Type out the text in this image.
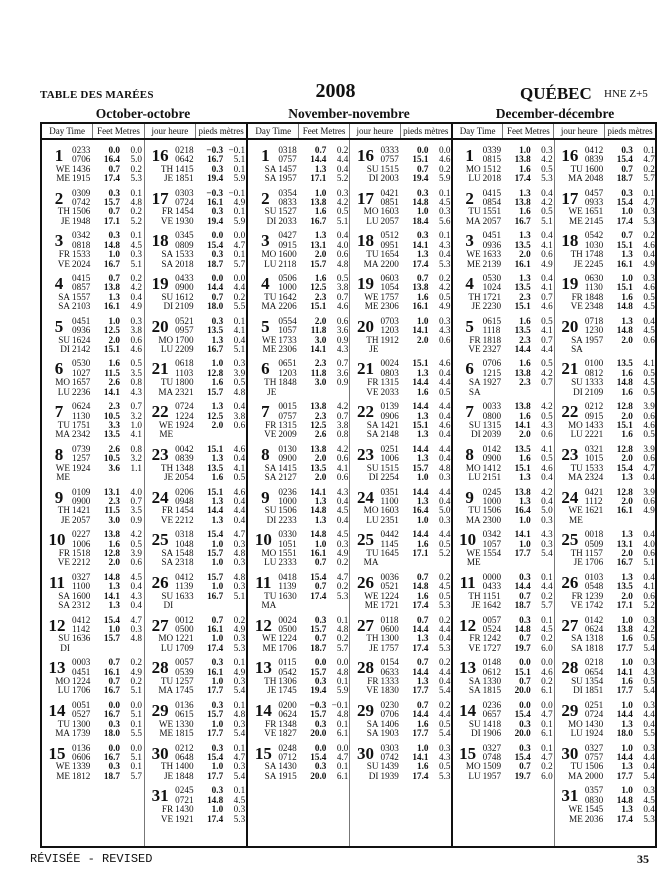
TABLE DES MARÉES	2008	QUÉBEC HNE Z+5
October-octobre	November-novembre	December-décembre
Day Time	Feet Metres	jour heure	pieds mètres
1
WE
ME
0233	0.0	0.0
0706	16.4	5.0
1436	0.7	0.2
1915	17.4	5.3
2
TH
JE
0309	0.3	0.1
0742	15.7	4.8
1506	0.7	0.2
1948	17.1	5.2
3
FR
VE
0342	0.3	0.1
0818	14.8	4.5
1533	1.0	0.3
2024	16.7	5.1
4
SA
SA
0415	0.7	0.2
0857	13.8	4.2
1557	1.3	0.4
2103	16.1	4.9
5
SU
DI
0451	1.0	0.3
0936	12.5	3.8
1624	2.0	0.6
2142	15.1	4.6
6
MO
LU
0530	1.6	0.5
1027	11.5	3.5
1657	2.6	0.8
2236	14.1	4.3
7
TU
MA
0624	2.3	0.7
1130	10.5	3.2
1751	3.3	1.0
2342	13.5	4.1
8
WE
ME
0739	2.6	0.8
1257	10.5	3.2
1924	3.6	1.1
9
TH
JE
0109	13.1	4.0
0900	2.3	0.7
1421	11.5	3.5
2057	3.0	0.9
10
FR
VE
0227	13.8	4.2
1006	1.6	0.5
1518	12.8	3.9
2212	2.0	0.6
11
SA
SA
0327	14.8	4.5
1100	1.3	0.4
1600	14.1	4.3
2312	1.3	0.4
12
SU
DI
0412	15.4	4.7
1142	1.0	0.3
1636	15.7	4.8
13
MO
LU
0003	0.7	0.2
0451	16.1	4.9
1224	0.7	0.2
1706	16.7	5.1
14
TU
MA
0051	0.0	0.0
0527	16.7	5.1
1300	0.3	0.1
1739	18.0	5.5
15
WE
ME
0136	0.0	0.0
0606	16.7	5.1
1339	0.3	0.1
1812	18.7	5.7
16
TH
JE
0218	−0.3 −0.1
0642	16.7	5.1
1415	0.3	0.1
1851	19.4	5.9
17
FR
VE
0303	−0.3 −0.1
0724	16.1	4.9
1454	0.3	0.1
1930	19.4	5.9
18
SA
SA
0345	0.0	0.0
0809	15.4	4.7
1533	0.3	0.1
2018	18.7	5.7
19
SU
DI
0433	0.0	0.0
0900	14.4	4.4
1612	0.7	0.2
2109	18.0	5.5
20
MO
LU
0521	0.3	0.1
0957	13.5	4.1
1700	1.3	0.4
2209	16.7	5.1
21
TU
MA
0618	1.0	0.3
1103	12.8	3.9
1800	1.6	0.5
2321	15.7	4.8
22
WE
ME
0724	1.3	0.4
1224	12.5	3.8
1924	2.0	0.6
23
TH
JE
0042	15.1	4.6
0839	1.3	0.4
1348	13.5	4.1
2054	1.6	0.5
24
FR
VE
0206	15.1	4.6
0948	1.3	0.4
1454	14.4	4.4
2212	1.3	0.4
25
SA
SA
0318	15.4	4.7
1048	1.0	0.3
1548	15.7	4.8
2318	1.0	0.3
26
SU
DI
0412	15.7	4.8
1139	1.0	0.3
1633	16.7	5.1
27
MO
LU
0012	0.7	0.2
0500	16.1	4.9
1221	1.0	0.3
1709	17.4	5.3
28
TU
MA
0057	0.3	0.1
0539	16.1	4.9
1257	1.0	0.3
1745	17.7	5.4
29
WE
ME
0136	0.3	0.1
0615	15.7	4.8
1330	1.0	0.3
1815	17.7	5.4
30
TH
JE
0212	0.3	0.1
0648	15.4	4.7
1400	1.0	0.3
1848	17.7	5.4
31
FR
VE
0245	0.3	0.1
0721	14.8	4.5
1430	1.0	0.3
1921	17.4	5.3
Day Time	Feet Metres	jour heure	pieds mètres
1
SA
SA
0318	0.7	0.2
0757	14.4	4.4
1457	1.3	0.4
1957	17.1	5.2
2
SU
DI
0354	1.0	0.3
0833	13.8	4.2
1527	1.6	0.5
2033	16.7	5.1
3
MO
LU
0427	1.3	0.4
0915	13.1	4.0
1600	2.0	0.6
2118	15.7	4.8
4
TU
MA
0506	1.6	0.5
1000	12.5	3.8
1642	2.3	0.7
2206	15.1	4.6
5
WE
ME
0554	2.0	0.6
1057	11.8	3.6
1733	3.0	0.9
2306	14.1	4.3
6
TH
JE
0651	2.3	0.7
1203	11.8	3.6
1848	3.0	0.9
7
FR
VE
0015	13.8	4.2
0757	2.3	0.7
1315	12.5	3.8
2009	2.6	0.8
8
SA
SA
0130	13.8	4.2
0900	2.0	0.6
1415	13.5	4.1
2127	2.0	0.6
9
SU
DI
0236	14.1	4.3
1000	1.3	0.4
1506	14.8	4.5
2233	1.3	0.4
10
MO
LU
0330	14.8	4.5
1051	1.0	0.3
1551	16.1	4.9
2333	0.7	0.2
11
TU
MA
0418	15.4	4.7
1139	0.7	0.2
1630	17.4	5.3
12
WE
ME
0024	0.3	0.1
0500	15.7	4.8
1224	0.7	0.2
1706	18.7	5.7
13
TH
JE
0115	0.0	0.0
0542	15.7	4.8
1306	0.3	0.1
1745	19.4	5.9
14
FR
VE
0200	−0.3 −0.1
0624	15.7	4.8
1348	0.3	0.1
1827	20.0	6.1
15
SA
SA
0248	0.0	0.0
0712	15.4	4.7
1430	0.3	0.1
1915	20.0	6.1
16
SU
DI
0333	0.0	0.0
0757	15.1	4.6
1515	0.7	0.2
2003	19.4	5.9
17
MO
LU
0421	0.3	0.1
0851	14.8	4.5
1603	1.0	0.3
2057	18.4	5.6
18
TU
MA
0512	0.3	0.1
0951	14.1	4.3
1654	1.3	0.4
2200	17.4	5.3
19
WE
ME
0603	0.7	0.2
1054	13.8	4.2
1757	1.6	0.5
2306	16.1	4.9
20
TH
JE
0703	1.0	0.3
1203	14.1	4.3
1912	2.0	0.6
21
FR
VE
0024	15.1	4.6
0803	1.3	0.4
1315	14.4	4.4
2033	1.6	0.5
22
SA
SA
0139	14.4	4.4
0906	1.3	0.4
1421	15.1	4.6
2148	1.3	0.4
23
SU
DI
0251	14.4	4.4
1006	1.3	0.4
1515	15.7	4.8
2254	1.0	0.3
24
MO
LU
0351	14.4	4.4
1100	1.3	0.4
1603	16.4	5.0
2351	1.0	0.3
25
TU
MA
0442	14.4	4.4
1145	1.6	0.5
1645	17.1	5.2
26
WE
ME
0036	0.7	0.2
0521	14.8	4.5
1224	1.6	0.5
1721	17.4	5.3
27
TH
JE
0118	0.7	0.2
0600	14.4	4.4
1300	1.3	0.4
1757	17.4	5.3
28
FR
VE
0154	0.7	0.2
0633	14.4	4.4
1333	1.3	0.4
1830	17.7	5.4
29
SA
SA
0230	0.7	0.2
0706	14.4	4.4
1406	1.6	0.5
1903	17.7	5.4
30
SU
DI
0303	1.0	0.3
0742	14.1	4.3
1439	1.6	0.5
1939	17.4	5.3
Day Time	Feet Metres	jour heure	pieds mètres
1
MO
LU
0339	1.0	0.3
0815	13.8	4.2
1512	1.6	0.5
2018	17.4	5.3
2
TU
MA
0415	1.3	0.4
0854	13.8	4.2
1551	1.6	0.5
2057	16.7	5.1
3
WE
ME
0451	1.3	0.4
0936	13.5	4.1
1633	2.0	0.6
2139	16.1	4.9
4
TH
JE
0530	1.3	0.4
1024	13.5	4.1
1721	2.3	0.7
2230	15.1	4.6
5
FR
VE
0615	1.6	0.5
1118	13.5	4.1
1818	2.3	0.7
2327	14.4	4.4
6
SA
SA
0706	1.6	0.5
1215	13.8	4.2
1927	2.3	0.7
7
SU
DI
0033	13.8	4.2
0800	1.6	0.5
1315	14.1	4.3
2039	2.0	0.6
8
MO
LU
0142	13.5	4.1
0900	1.6	0.5
1412	15.1	4.6
2151	1.3	0.4
9
TU
MA
0245	13.8	4.2
1000	1.3	0.4
1506	16.4	5.0
2300	1.0	0.3
10
WE
ME
0342	14.1	4.3
1057	1.0	0.3
1554	17.7	5.4
11
TH
JE
0000	0.3	0.1
0433	14.4	4.4
1151	0.7	0.2
1642	18.7	5.7
12
FR
VE
0057	0.3	0.1
0524	14.8	4.5
1242	0.7	0.2
1727	19.7	6.0
13
SA
SA
0148	0.0	0.0
0612	15.1	4.6
1330	0.7	0.2
1815	20.0	6.1
14
SU
DI
0236	0.0	0.0
0657	15.4	4.7
1418	0.3	0.1
1906	20.0	6.1
15
MO
LU
0327	0.3	0.1
0748	15.4	4.7
1509	0.7	0.2
1957	19.7	6.0
16
TU
MA
0412	0.3	0.1
0839	15.4	4.7
1600	0.7	0.2
2048	18.7	5.7
17
WE
ME
0457	0.3	0.1
0933	15.4	4.7
1651	1.0	0.3
2145	17.4	5.3
18
TH
JE
0542	0.7	0.2
1030	15.1	4.6
1748	1.3	0.4
2245	16.1	4.9
19
FR
VE
0630	1.0	0.3
1130	15.1	4.6
1848	1.6	0.5
2348	14.8	4.5
20
SA
SA
0718	1.3	0.4
1230	14.8	4.5
1957	2.0	0.6
21
SU
DI
0100	13.5	4.1
0812	1.6	0.5
1333	14.8	4.5
2109	1.6	0.5
22
MO
LU
0212	12.8	3.9
0915	2.0	0.6
1433	15.1	4.6
2221	1.6	0.5
23
TU
MA
0321	12.8	3.9
1015	2.0	0.6
1533	15.4	4.7
2324	1.3	0.4
24
WE
ME
0421	12.8	3.9
1112	2.0	0.6
1621	16.1	4.9
25
TH
JE
0018	1.3	0.4
0509	13.1	4.0
1157	2.0	0.6
1706	16.7	5.1
26
FR
VE
0103	1.3	0.4
0548	13.5	4.1
1239	2.0	0.6
1742	17.1	5.2
27
SA
SA
0142	1.0	0.3
0624	13.8	4.2
1318	1.6	0.5
1818	17.7	5.4
28
SU
DI
0218	1.0	0.3
0654	14.1	4.3
1354	1.6	0.5
1851	17.7	5.4
29
MO
LU
0251	1.0	0.3
0724	14.4	4.4
1430	1.3	0.4
1924	18.0	5.5
30
TU
MA
0327	1.0	0.3
0757	14.4	4.4
1506	1.3	0.4
2000	17.7	5.4
31
WE
ME
0357	1.0	0.3
0830	14.8	4.5
1545	1.3	0.4
2036	17.4	5.3
RÉVISÉE - REVISED	35
